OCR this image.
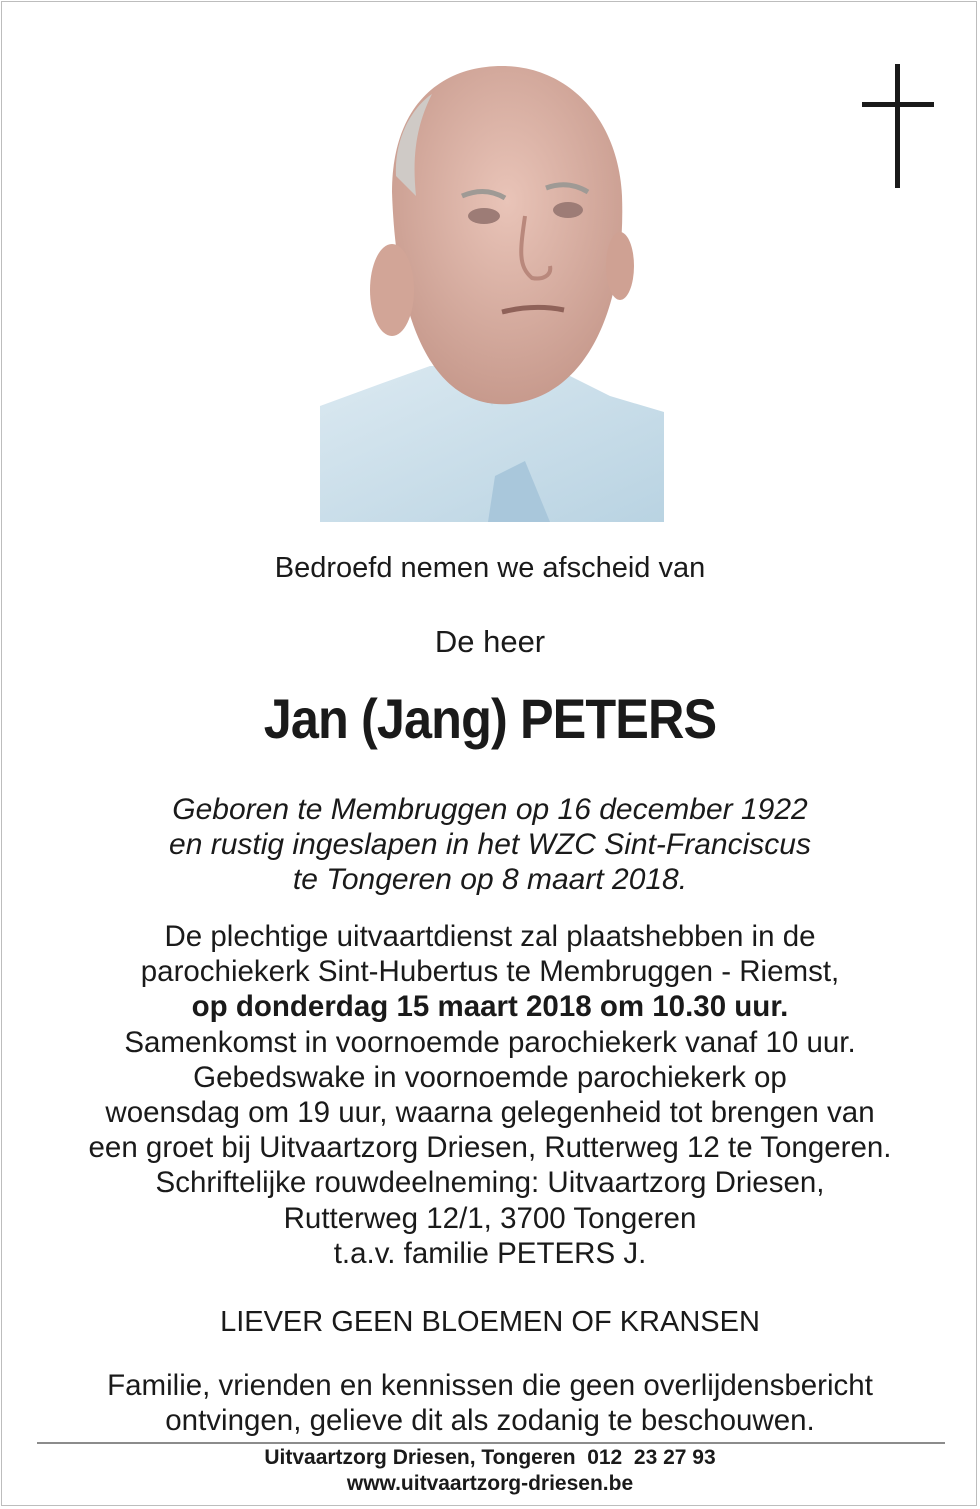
Bedroefd nemen we afscheid van
De heer
Jan (Jang) PETERS
Geboren te Membruggen op 16 december 1922
en rustig ingeslapen in het WZC Sint-Franciscus
te Tongeren op 8 maart 2018.
De plechtige uitvaartdienst zal plaatshebben in de
parochiekerk Sint-Hubertus te Membruggen - Riemst,
op donderdag 15 maart 2018 om 10.30 uur.
Samenkomst in voornoemde parochiekerk vanaf 10 uur.
Gebedswake in voornoemde parochiekerk op
woensdag om 19 uur, waarna gelegenheid tot brengen van
een groet bij Uitvaartzorg Driesen, Rutterweg 12 te Tongeren.
Schriftelijke rouwdeelneming: Uitvaartzorg Driesen,
Rutterweg 12/1, 3700 Tongeren
t.a.v. familie PETERS J.
LIEVER GEEN BLOEMEN OF KRANSEN
Familie, vrienden en kennissen die geen overlijdensbericht
ontvingen, gelieve dit als zodanig te beschouwen.
Uitvaartzorg Driesen, Tongeren 012  23 27 93
www.uitvaartzorg-driesen.be
